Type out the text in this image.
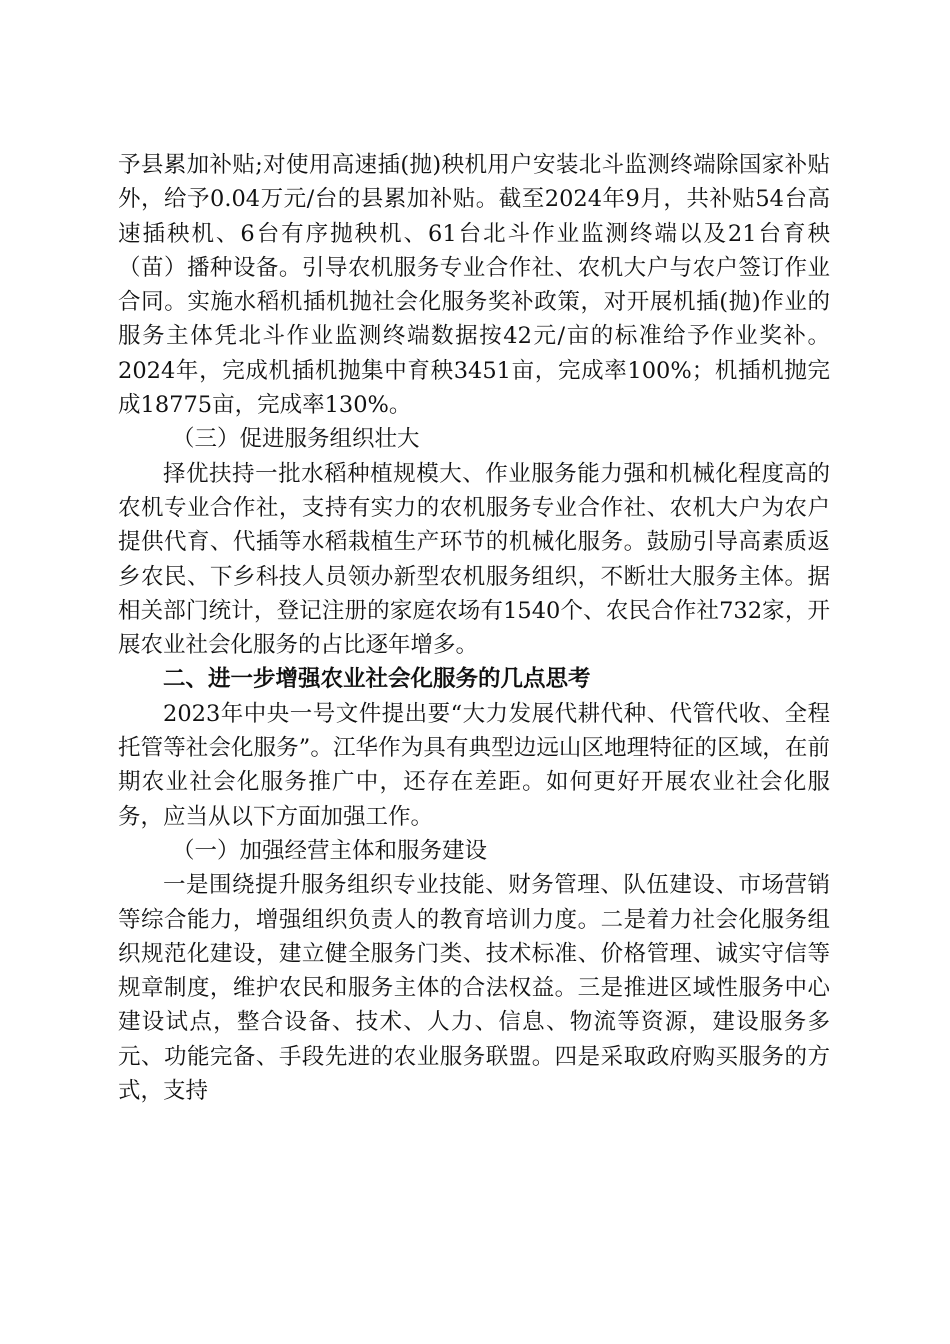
予县累加补贴;对使用高速插(抛)秧机用户安装北斗监测终端除国家补贴外，给予0.04万元/台的县累加补贴。截至2024年9月，共补贴54台高速插秧机、6台有序抛秧机、61台北斗作业监测终端以及21台育秧（苗）播种设备。引导农机服务专业合作社、农机大户与农户签订作业合同。实施水稻机插机抛社会化服务奖补政策，对开展机插(抛)作业的服务主体凭北斗作业监测终端数据按42元/亩的标准给予作业奖补。2024年，完成机插机抛集中育秧3451亩，完成率100%；机插机抛完成18775亩，完成率130%。

（三）促进服务组织壮大

择优扶持一批水稻种植规模大、作业服务能力强和机械化程度高的农机专业合作社，支持有实力的农机服务专业合作社、农机大户为农户提供代育、代插等水稻栽植生产环节的机械化服务。鼓励引导高素质返乡农民、下乡科技人员领办新型农机服务组织，不断壮大服务主体。据相关部门统计，登记注册的家庭农场有1540个、农民合作社732家，开展农业社会化服务的占比逐年增多。

二、进一步增强农业社会化服务的几点思考

2023年中央一号文件提出要“大力发展代耕代种、代管代收、全程托管等社会化服务”。江华作为具有典型边远山区地理特征的区域，在前期农业社会化服务推广中，还存在差距。如何更好开展农业社会化服务，应当从以下方面加强工作。

（一）加强经营主体和服务建设

一是围绕提升服务组织专业技能、财务管理、队伍建设、市场营销等综合能力，增强组织负责人的教育培训力度。二是着力社会化服务组织规范化建设，建立健全服务门类、技术标准、价格管理、诚实守信等规章制度，维护农民和服务主体的合法权益。三是推进区域性服务中心建设试点，整合设备、技术、人力、信息、物流等资源，建设服务多元、功能完备、手段先进的农业服务联盟。四是采取政府购买服务的方式，支持
